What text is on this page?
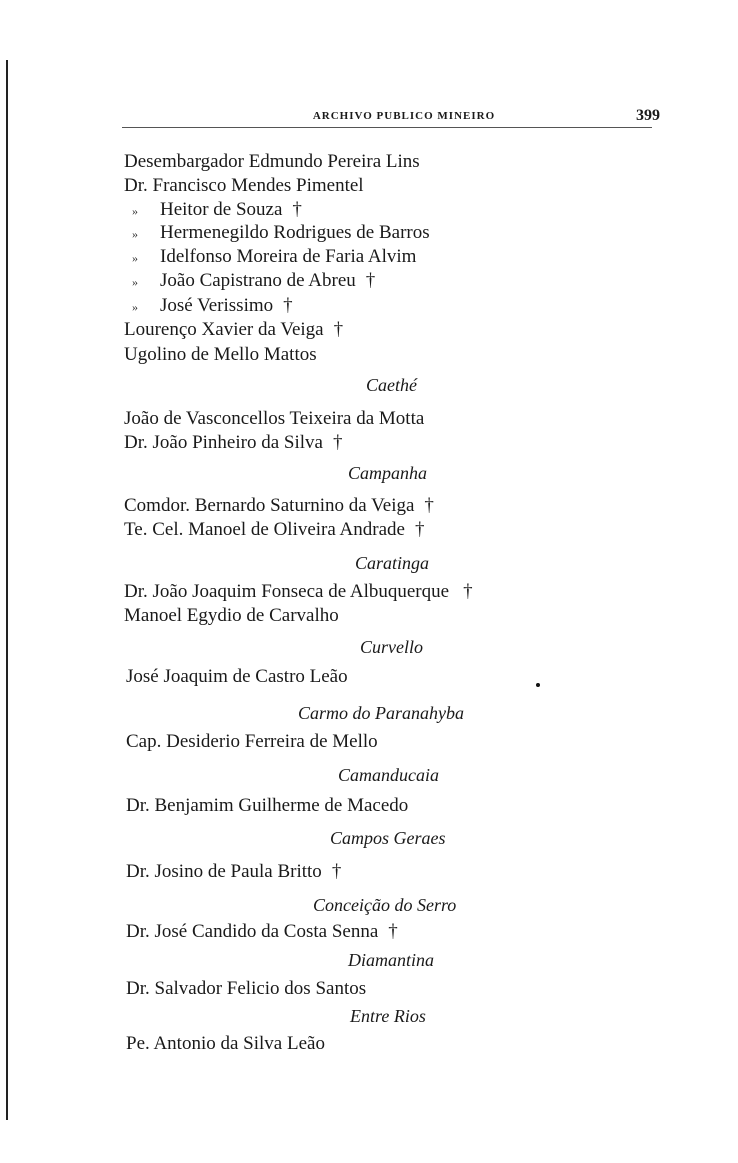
ARCHIVO PUBLICO MINEIRO	399
Desembargador Edmundo Pereira Lins
Dr. Francisco Mendes Pimentel
» Heitor de Souza †
» Hermenegildo Rodrigues de Barros
» Idelfonso Moreira de Faria Alvim
» João Capistrano de Abreu †
» José Verissimo †
Lourenço Xavier da Veiga †
Ugolino de Mello Mattos
Caethé
João de Vasconcellos Teixeira da Motta
Dr. João Pinheiro da Silva †
Campanha
Comdor. Bernardo Saturnino da Veiga †
Te. Cel. Manoel de Oliveira Andrade †
Caratinga
Dr. João Joaquim Fonseca de Albuquerque †
Manoel Egydio de Carvalho
Curvello
José Joaquim de Castro Leão
Carmo do Paranahyba
Cap. Desiderio Ferreira de Mello
Camanducaia
Dr. Benjamim Guilherme de Macedo
Campos Geraes
Dr. Josino de Paula Britto †
Conceição do Serro
Dr. José Candido da Costa Senna †
Diamantina
Dr. Salvador Felicio dos Santos
Entre Rios
Pe. Antonio da Silva Leão
